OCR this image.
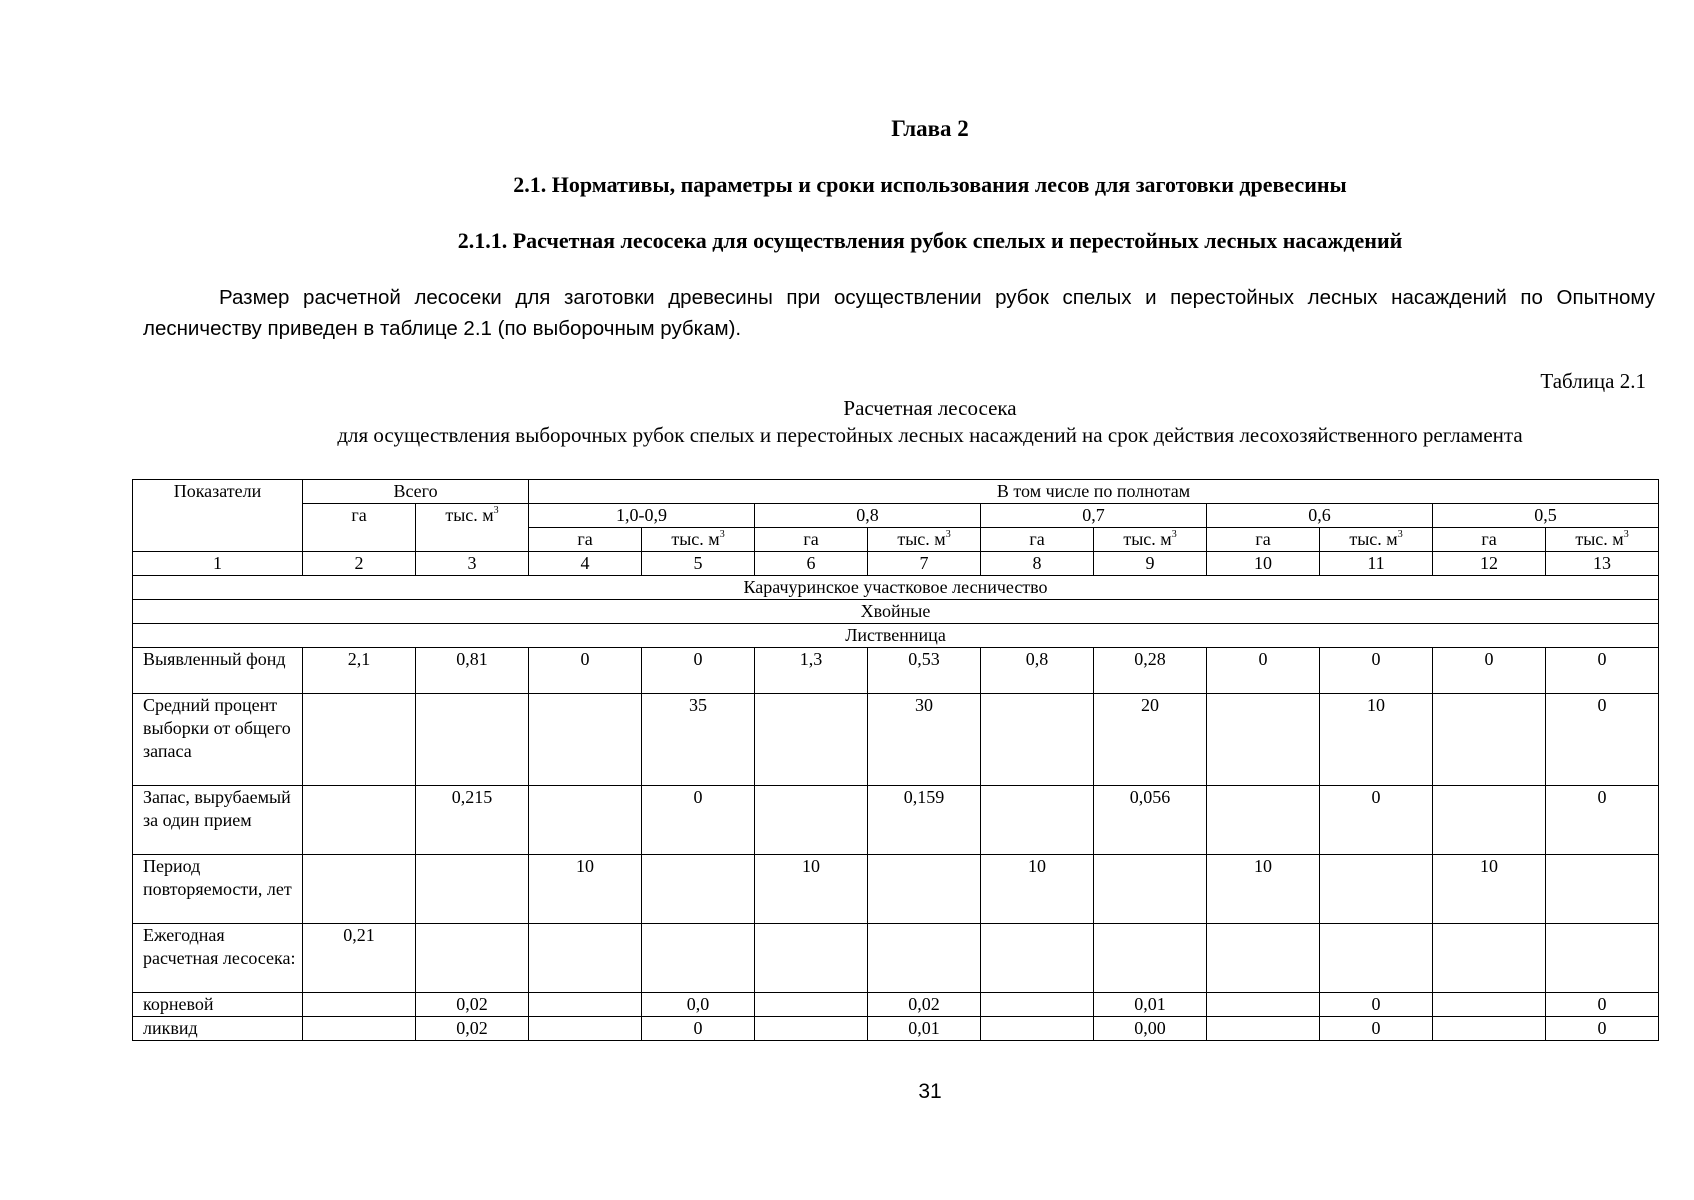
Глава 2
2.1. Нормативы, параметры и сроки использования лесов для заготовки древесины
2.1.1. Расчетная лесосека для осуществления рубок спелых и перестойных лесных насаждений
Размер расчетной лесосеки для заготовки древесины при осуществлении рубок спелых и перестойных лесных насаждений по Опытному лесничеству приведен в таблице 2.1 (по выборочным рубкам).
Таблица 2.1
Расчетная лесосека
для осуществления выборочных рубок спелых и перестойных лесных насаждений на срок действия лесохозяйственного регламента
Показатели	Всего		В том числе по полнотам									
	га	тыс. $м^3$	1,0-0,9		0,8		0,7		0,6		0,5	
			га	тыс. $м^3$	га	тыс. $м^3$	га	тыс. $м^3$	га	тыс. $м^3$	га	тыс. $м^3$
1	2	3	4	5	6	7	8	9	10	11	12	13
Карачуринское участковое лесничество												
Хвойные												
Лиственница												
Выявленный фонд	2,1	0,81	0	0	1,3	0,53	0,8	0,28	0	0	0	0
Средний процент выборки от общего запаса				35		30		20		10		0
Запас, вырубаемый за один прием		0,215		0		0,159		0,056		0		0
Период повторяемости, лет			10		10		10		10		10	
Ежегодная расчетная лесосека:	0,21											
корневой		0,02		0,0		0,02		0,01		0		0
ликвид		0,02		0		0,01		0,00		0		0
31
